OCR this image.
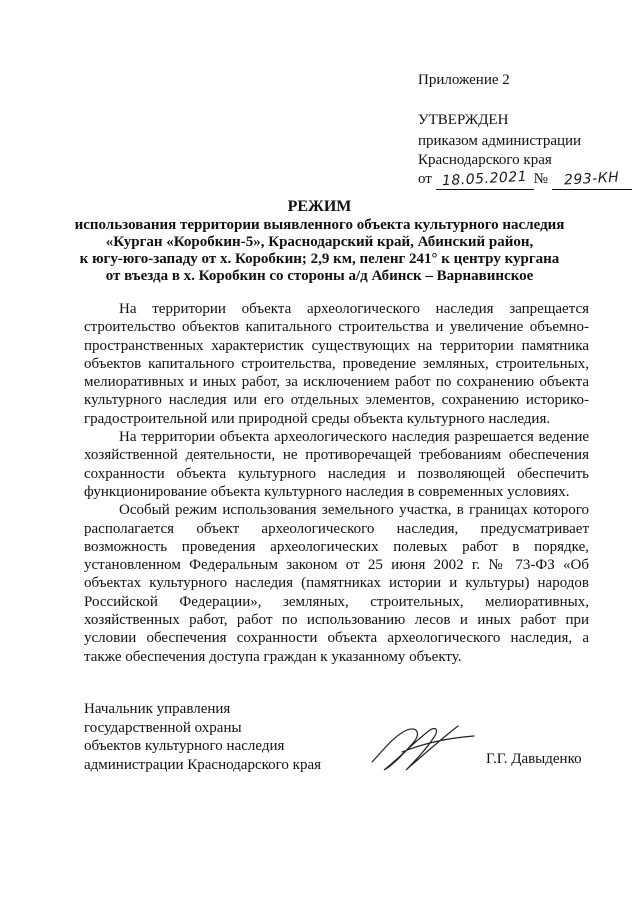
Приложение 2
УТВЕРЖДЕН
приказом администрации
Краснодарского края
от 18.05.2021 № 293-КН
РЕЖИМ
использования территории выявленного объекта культурного наследия
«Курган «Коробкин-5», Краснодарский край, Абинский район,
к югу-юго-западу от х. Коробкин; 2,9 км, пеленг 241° к центру кургана
от въезда в х. Коробкин со стороны а/д Абинск – Варнавинское

На территории объекта археологического наследия запрещается строительство объектов капитального строительства и увеличение объемно-пространственных характеристик существующих на территории памятника объектов капитального строительства, проведение земляных, строительных, мелиоративных и иных работ, за исключением работ по сохранению объекта культурного наследия или его отдельных элементов, сохранению историко-градостроительной или природной среды объекта культурного наследия.

На территории объекта археологического наследия разрешается ведение хозяйственной деятельности, не противоречащей требованиям обеспечения сохранности объекта культурного наследия и позволяющей обеспечить функционирование объекта культурного наследия в современных условиях.

Особый режим использования земельного участка, в границах которого располагается объект археологического наследия, предусматривает возможность проведения археологических полевых работ в порядке, установленном Федеральным законом от 25 июня 2002 г. № 73-ФЗ «Об объектах культурного наследия (памятниках истории и культуры) народов Российской Федерации», земляных, строительных, мелиоративных, хозяйственных работ, работ по использованию лесов и иных работ при условии обеспечения сохранности объекта археологического наследия, а также обеспечения доступа граждан к указанному объекту.

Начальник управления
государственной охраны
объектов культурного наследия
администрации Краснодарского края	Г.Г. Давыденко
